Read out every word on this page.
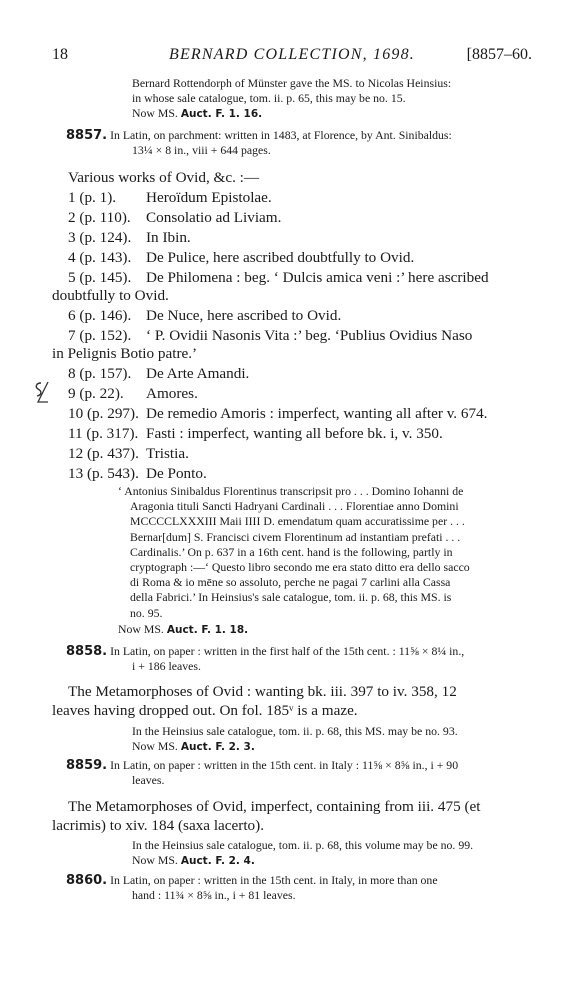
18	BERNARD COLLECTION, 1698.	[8857–60.
Bernard Rottendorph of Münster gave the MS. to Nicolas Heinsius:
in whose sale catalogue, tom. ii. p. 65, this may be no. 15.
Now MS. Auct. F. 1. 16.
8857. In Latin, on parchment: written in 1483, at Florence, by Ant. Sinibaldus:
13¼ × 8 in., viii + 644 pages.
Various works of Ovid, &c. :—
1 (p. 1). Heroïdum Epistolae.
2 (p. 110). Consolatio ad Liviam.
3 (p. 124). In Ibin.
4 (p. 143). De Pulice, here ascribed doubtfully to Ovid.
5 (p. 145). De Philomena : beg. ‘ Dulcis amica veni :’ here ascribed
doubtfully to Ovid.
6 (p. 146). De Nuce, here ascribed to Ovid.
7 (p. 152). ‘ P. Ovidii Nasonis Vita :’ beg. ‘Publius Ovidius Naso
in Pelignis Botio patre.’
8 (p. 157). De Arte Amandi.
9 (p. 22). Amores.
10 (p. 297). De remedio Amoris : imperfect, wanting all after v. 674.
11 (p. 317). Fasti : imperfect, wanting all before bk. i, v. 350.
12 (p. 437). Tristia.
13 (p. 543). De Ponto.
‘ Antonius Sinibaldus Florentinus transcripsit pro . . . Domino Iohanni de
Aragonia tituli Sancti Hadryani Cardinali . . . Florentiae anno Domini
MCCCCLXXXIII Maii IIII D. emendatum quam accuratissime per . . .
Bernar[dum] S. Francisci civem Florentinum ad instantiam prefati . . .
Cardinalis.’ On p. 637 in a 16th cent. hand is the following, partly in
cryptograph :—‘ Questo libro secondo me era stato ditto era dello sacco
di Roma & io mēne so assoluto, perche ne pagai 7 carlini alla Cassa
della Fabrici.’ In Heinsius's sale catalogue, tom. ii. p. 68, this MS. is
no. 95.
Now MS. Auct. F. 1. 18.
8858. In Latin, on paper : written in the first half of the 15th cent. : 11⅝ × 8¼ in.,
i + 186 leaves.
The Metamorphoses of Ovid : wanting bk. iii. 397 to iv. 358, 12
leaves having dropped out. On fol. 185ᵛ is a maze.
In the Heinsius sale catalogue, tom. ii. p. 68, this MS. may be no. 93.
Now MS. Auct. F. 2. 3.
8859. In Latin, on paper : written in the 15th cent. in Italy : 11⅝ × 8⅝ in., i + 90
leaves.
The Metamorphoses of Ovid, imperfect, containing from iii. 475 (et
lacrimis) to xiv. 184 (saxa lacerto).
In the Heinsius sale catalogue, tom. ii. p. 68, this volume may be no. 99.
Now MS. Auct. F. 2. 4.
8860. In Latin, on paper : written in the 15th cent. in Italy, in more than one
hand : 11¾ × 8⅝ in., i + 81 leaves.
